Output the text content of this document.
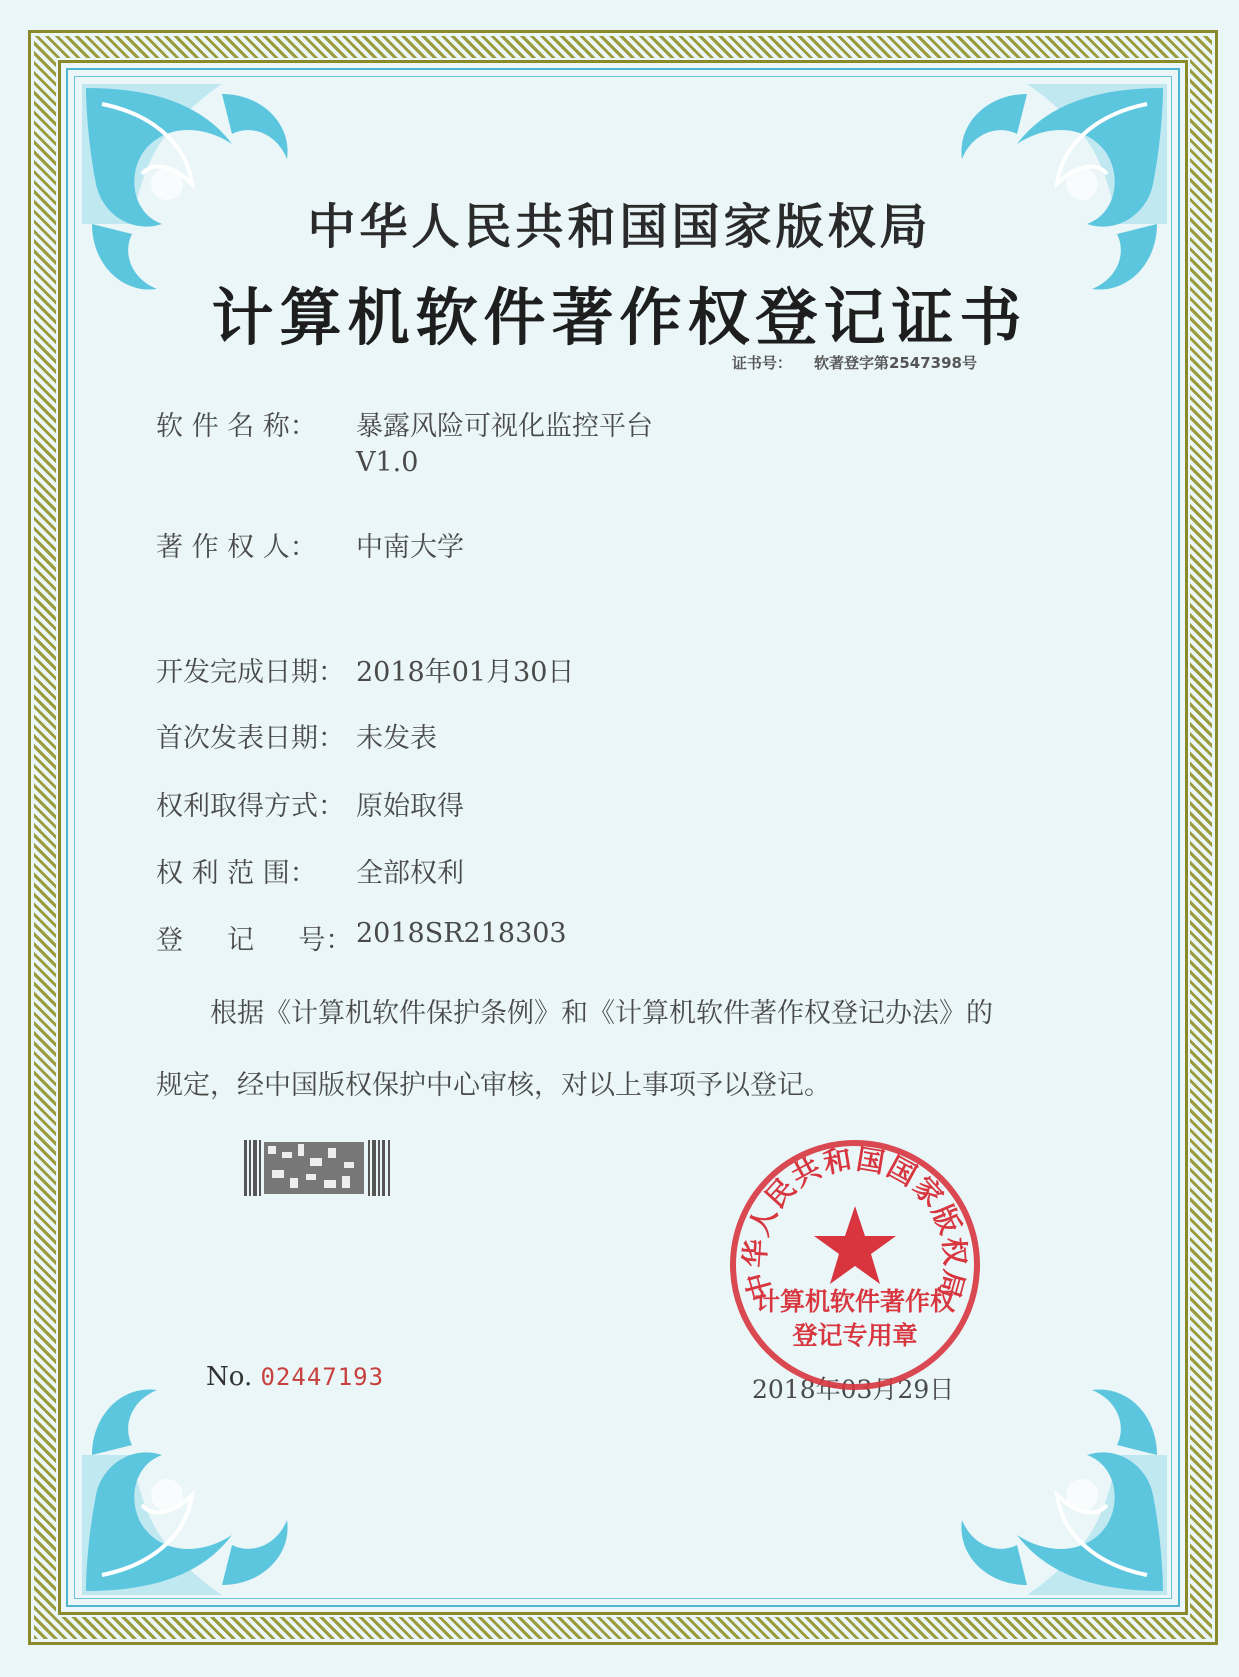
中华人民共和国国家版权局
计算机软件著作权登记证书
证书号： 软著登字第2547398号
软 件 名 称： 暴露风险可视化监控平台
V1.0
著 作 权 人： 中南大学
开发完成日期： 2018年01月30日
首次发表日期： 未发表
权利取得方式： 原始取得
权 利 范 围： 全部权利
登 　 记 　 号： 2018SR218303
根据《计算机软件保护条例》和《计算机软件著作权登记办法》的
规定，经中国版权保护中心审核，对以上事项予以登记。
No. 02447193	2018年03月29日
中华人民共和国国家版权局
计算机软件著作权
登记专用章
